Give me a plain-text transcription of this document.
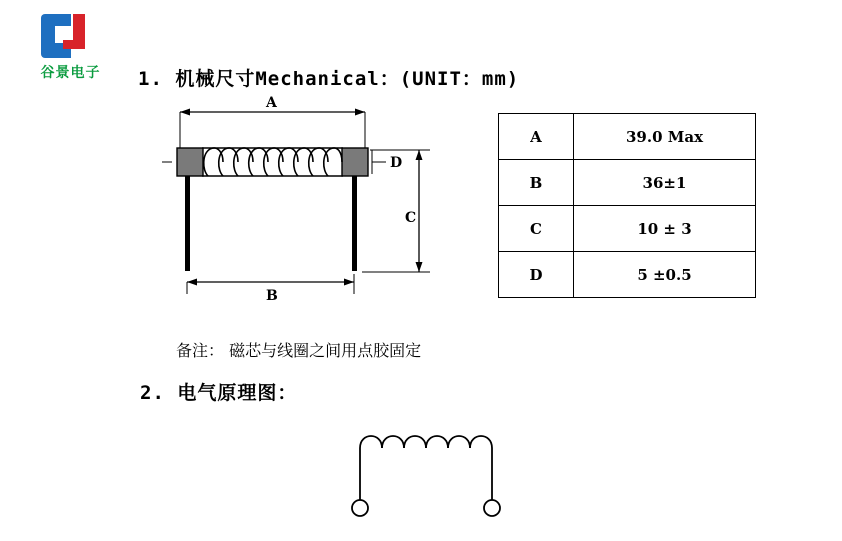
谷景电子	1. 机械尺寸Mechanical：(UNIT：mm)
D
C
A
B
A	39.0 Max
B	36±1
C	10 ± 3
D	5 ±0.5
备注： 磁芯与线圈之间用点胶固定
2. 电气原理图：
